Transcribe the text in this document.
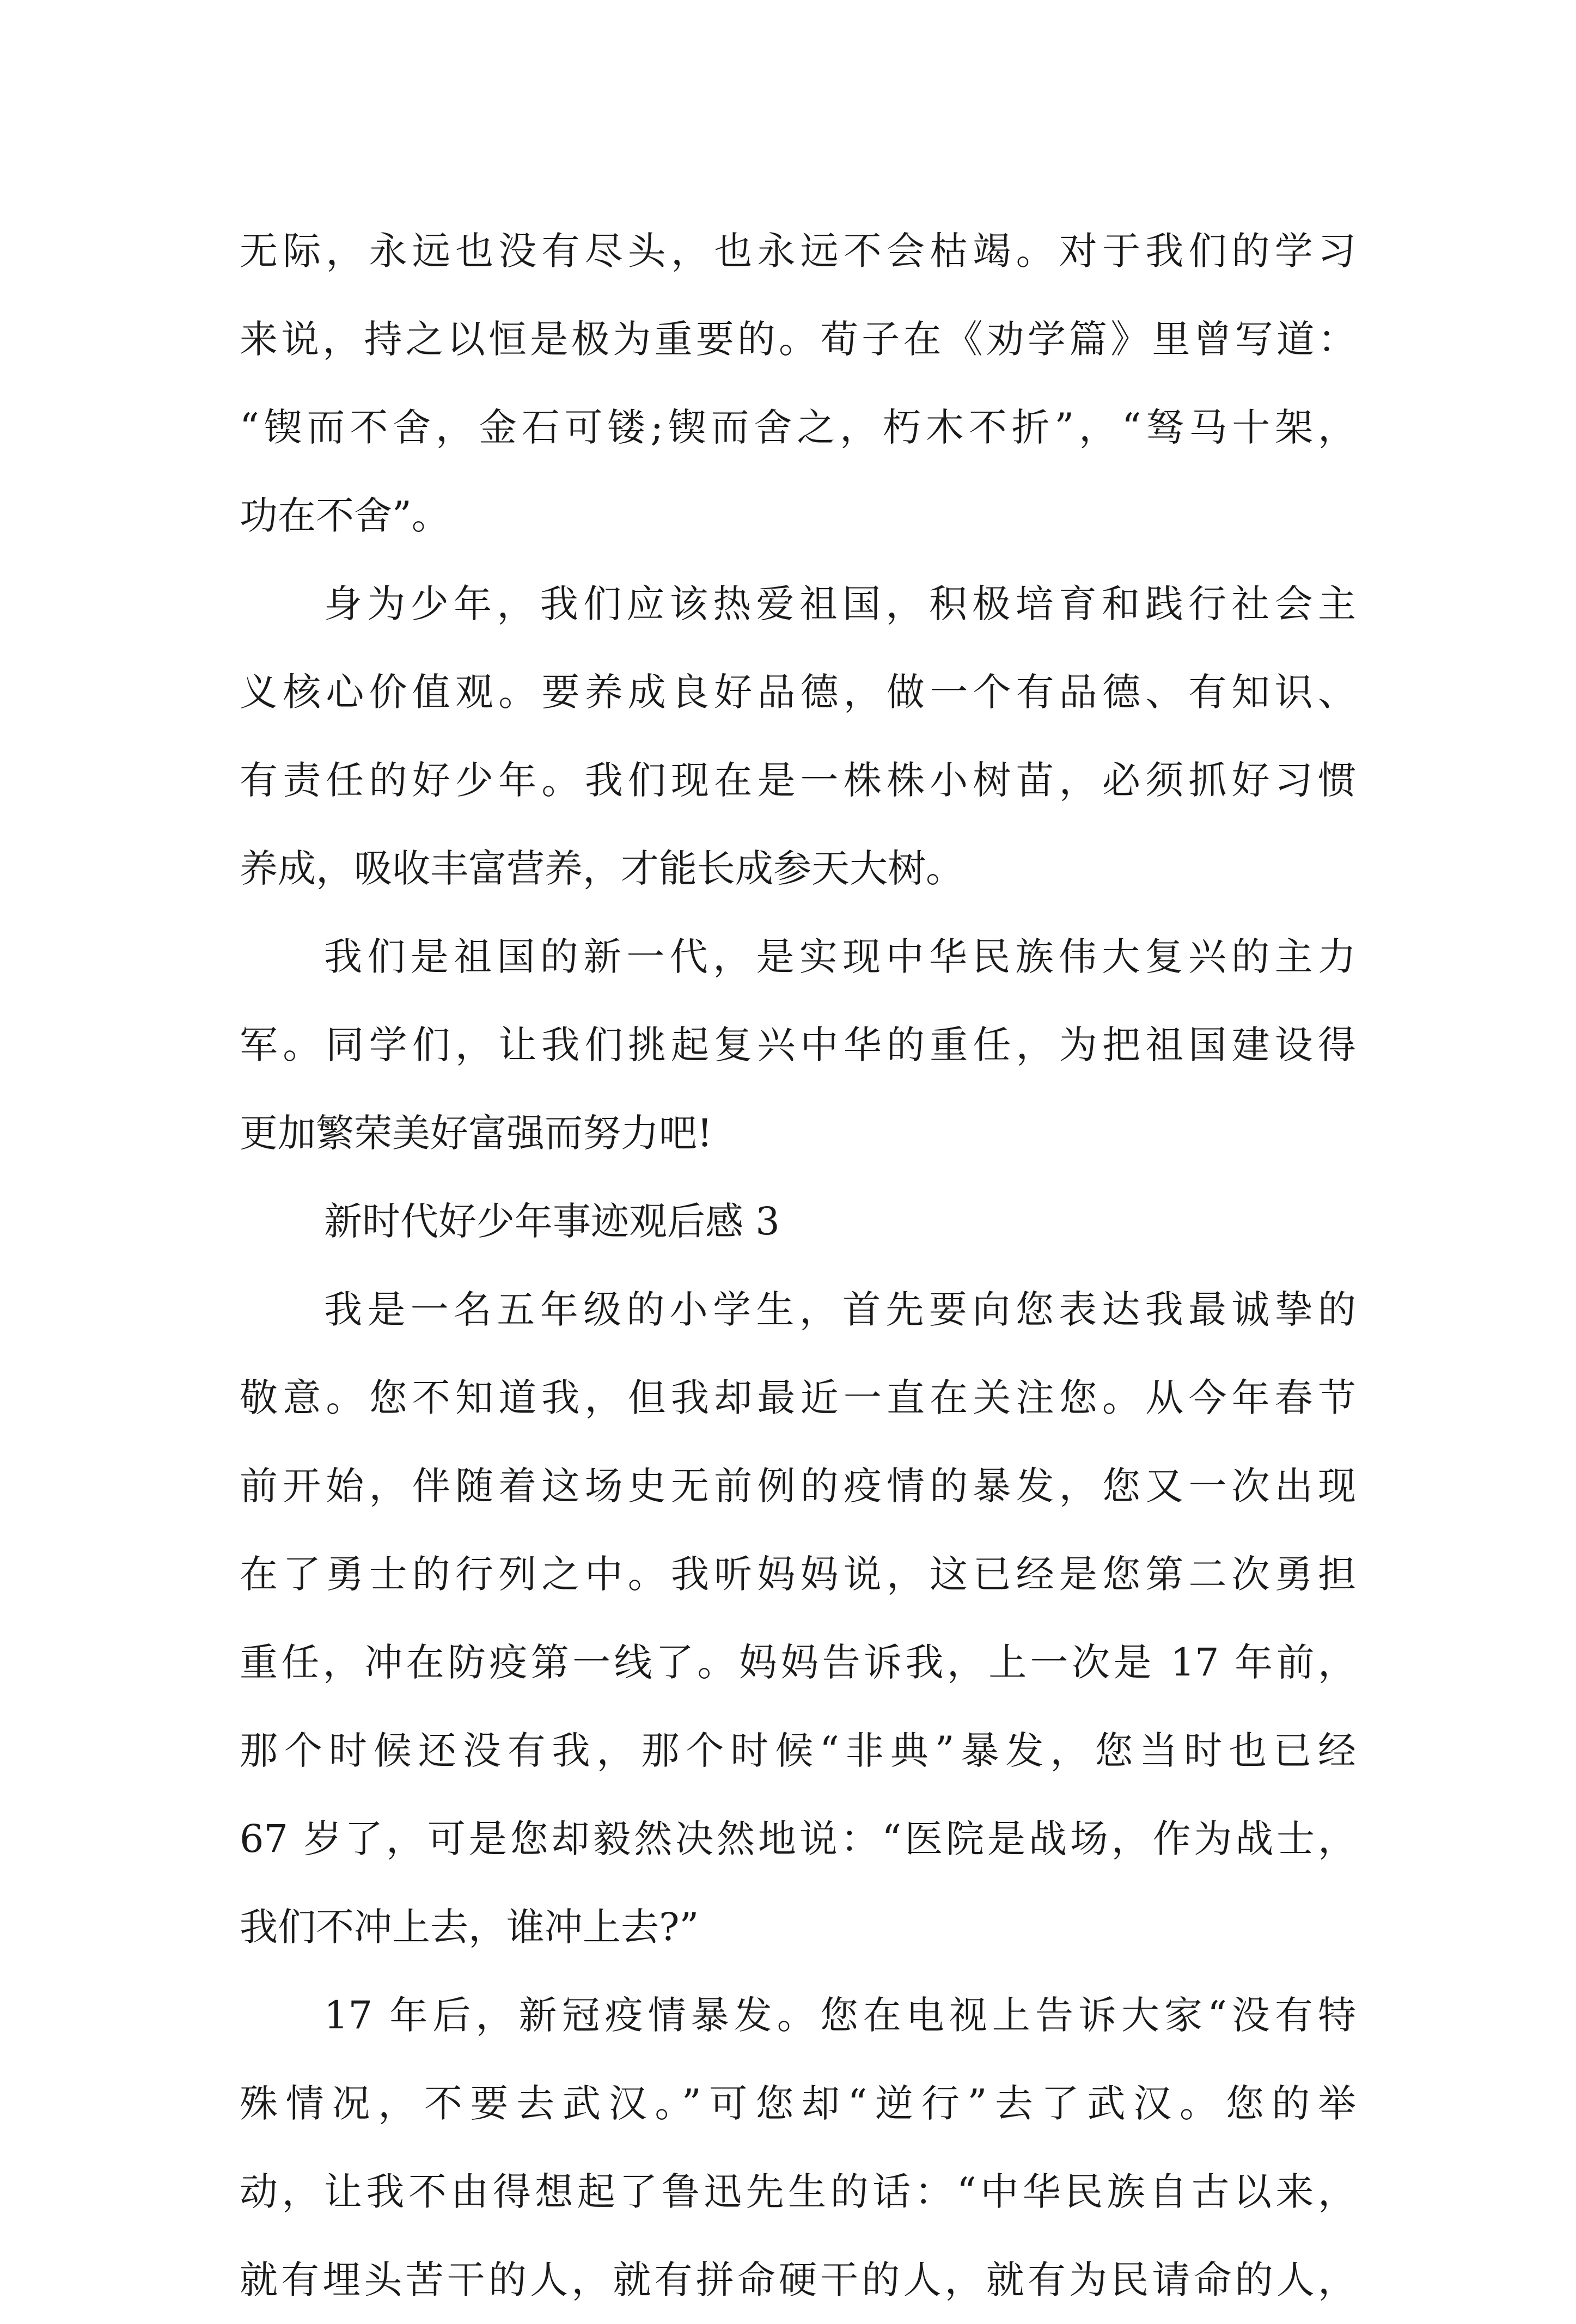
无际，永远也没有尽头，也永远不会枯竭。对于我们的学习
来说，持之以恒是极为重要的。荀子在《劝学篇》里曾写道：
“锲而不舍，金石可镂;锲而舍之，朽木不折”，“驽马十架，
功在不舍”。
身为少年，我们应该热爱祖国，积极培育和践行社会主
义核心价值观。要养成良好品德，做一个有品德、有知识、
有责任的好少年。我们现在是一株株小树苗，必须抓好习惯
养成，吸收丰富营养，才能长成参天大树。
我们是祖国的新一代，是实现中华民族伟大复兴的主力
军。同学们，让我们挑起复兴中华的重任，为把祖国建设得
更加繁荣美好富强而努力吧!
新时代好少年事迹观后感 3
我是一名五年级的小学生，首先要向您表达我最诚挚的
敬意。您不知道我，但我却最近一直在关注您。从今年春节
前开始，伴随着这场史无前例的疫情的暴发，您又一次出现
在了勇士的行列之中。我听妈妈说，这已经是您第二次勇担
重任，冲在防疫第一线了。妈妈告诉我，上一次是 17 年前，
那个时候还没有我，那个时候“非典”暴发，您当时也已经
67 岁了，可是您却毅然决然地说：“医院是战场，作为战士，
我们不冲上去，谁冲上去?”
17 年后，新冠疫情暴发。您在电视上告诉大家“没有特
殊情况，不要去武汉。”可您却“逆行”去了武汉。您的举
动，让我不由得想起了鲁迅先生的话：“中华民族自古以来，
就有埋头苦干的人，就有拼命硬干的人，就有为民请命的人，
